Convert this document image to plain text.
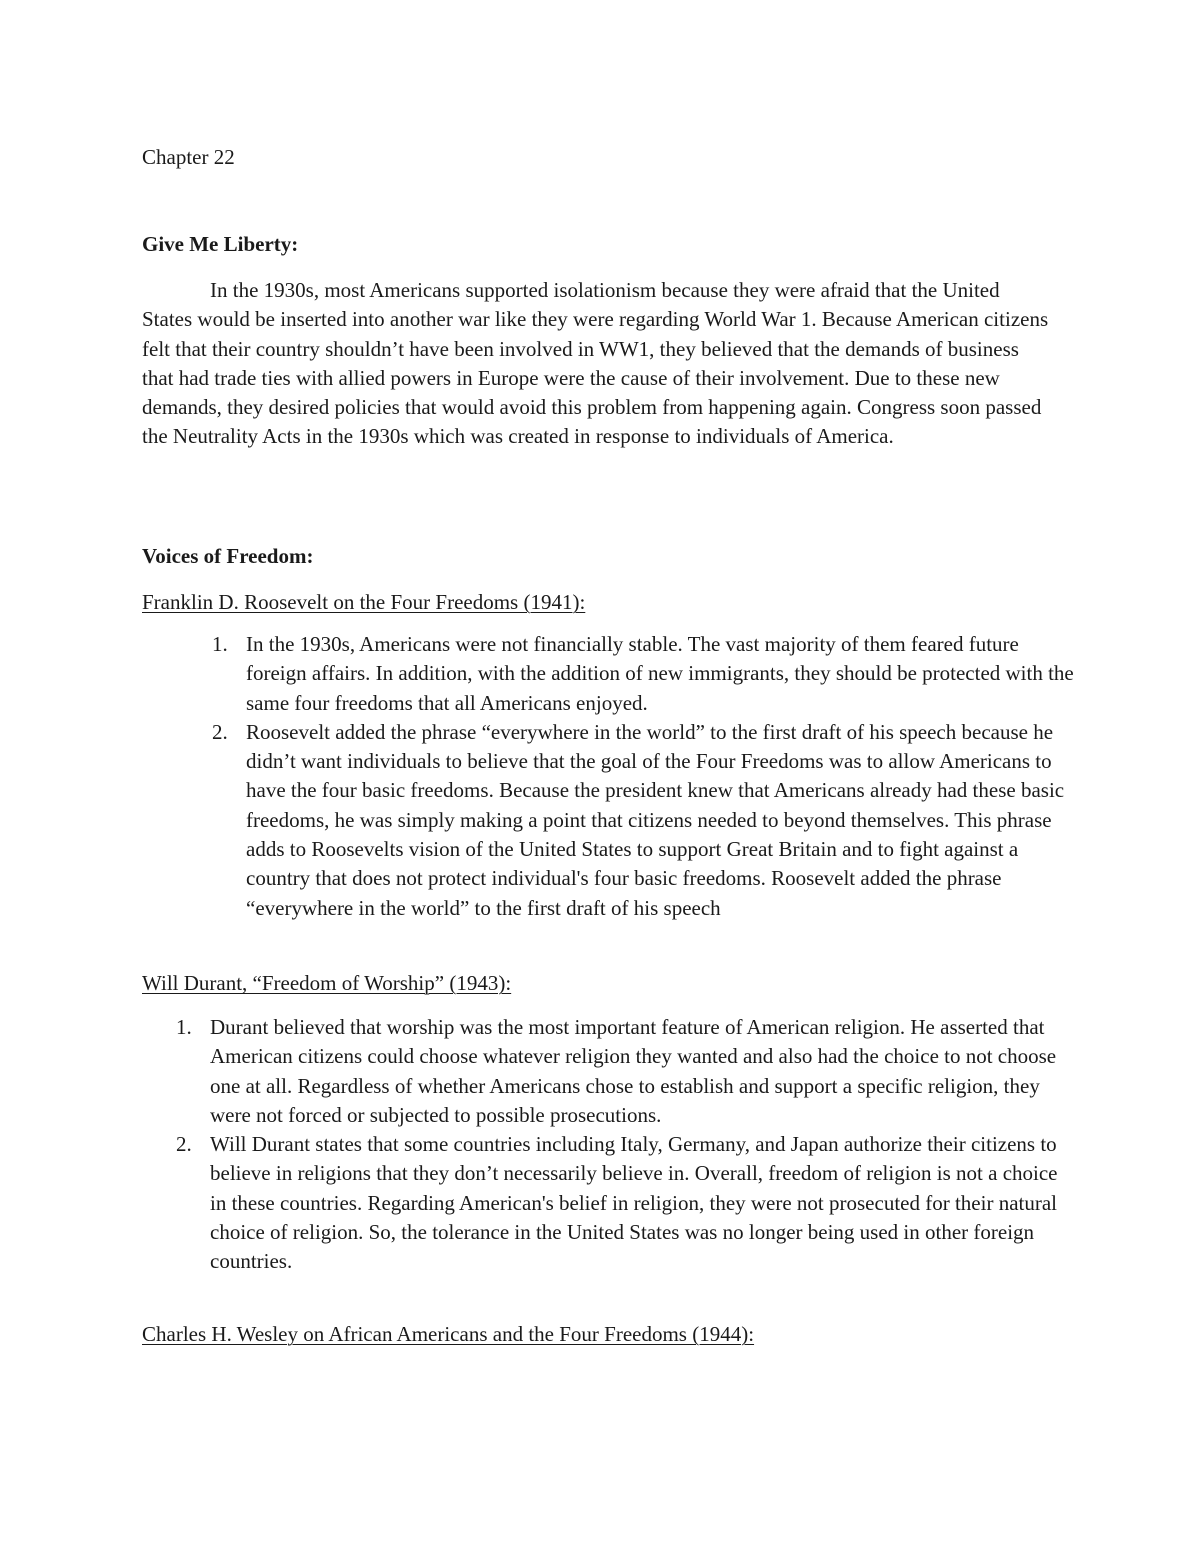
Chapter 22

Give Me Liberty:

In the 1930s, most Americans supported isolationism because they were afraid that the United States would be inserted into another war like they were regarding World War 1. Because American citizens felt that their country shouldn’t have been involved in WW1, they believed that the demands of business that had trade ties with allied powers in Europe were the cause of their involvement. Due to these new demands, they desired policies that would avoid this problem from happening again. Congress soon passed the Neutrality Acts in the 1930s which was created in response to individuals of America.

Voices of Freedom:

Franklin D. Roosevelt on the Four Freedoms (1941):

1. In the 1930s, Americans were not financially stable. The vast majority of them feared future foreign affairs. In addition, with the addition of new immigrants, they should be protected with the same four freedoms that all Americans enjoyed.
2. Roosevelt added the phrase “everywhere in the world” to the first draft of his speech because he didn’t want individuals to believe that the goal of the Four Freedoms was to allow Americans to have the four basic freedoms. Because the president knew that Americans already had these basic freedoms, he was simply making a point that citizens needed to beyond themselves. This phrase adds to Roosevelts vision of the United States to support Great Britain and to fight against a country that does not protect individual's four basic freedoms. Roosevelt added the phrase “everywhere in the world” to the first draft of his speech

Will Durant, “Freedom of Worship” (1943):

1. Durant believed that worship was the most important feature of American religion. He asserted that American citizens could choose whatever religion they wanted and also had the choice to not choose one at all. Regardless of whether Americans chose to establish and support a specific religion, they were not forced or subjected to possible prosecutions.
2. Will Durant states that some countries including Italy, Germany, and Japan authorize their citizens to believe in religions that they don’t necessarily believe in. Overall, freedom of religion is not a choice in these countries. Regarding American's belief in religion, they were not prosecuted for their natural choice of religion. So, the tolerance in the United States was no longer being used in other foreign countries.

Charles H. Wesley on African Americans and the Four Freedoms (1944):
